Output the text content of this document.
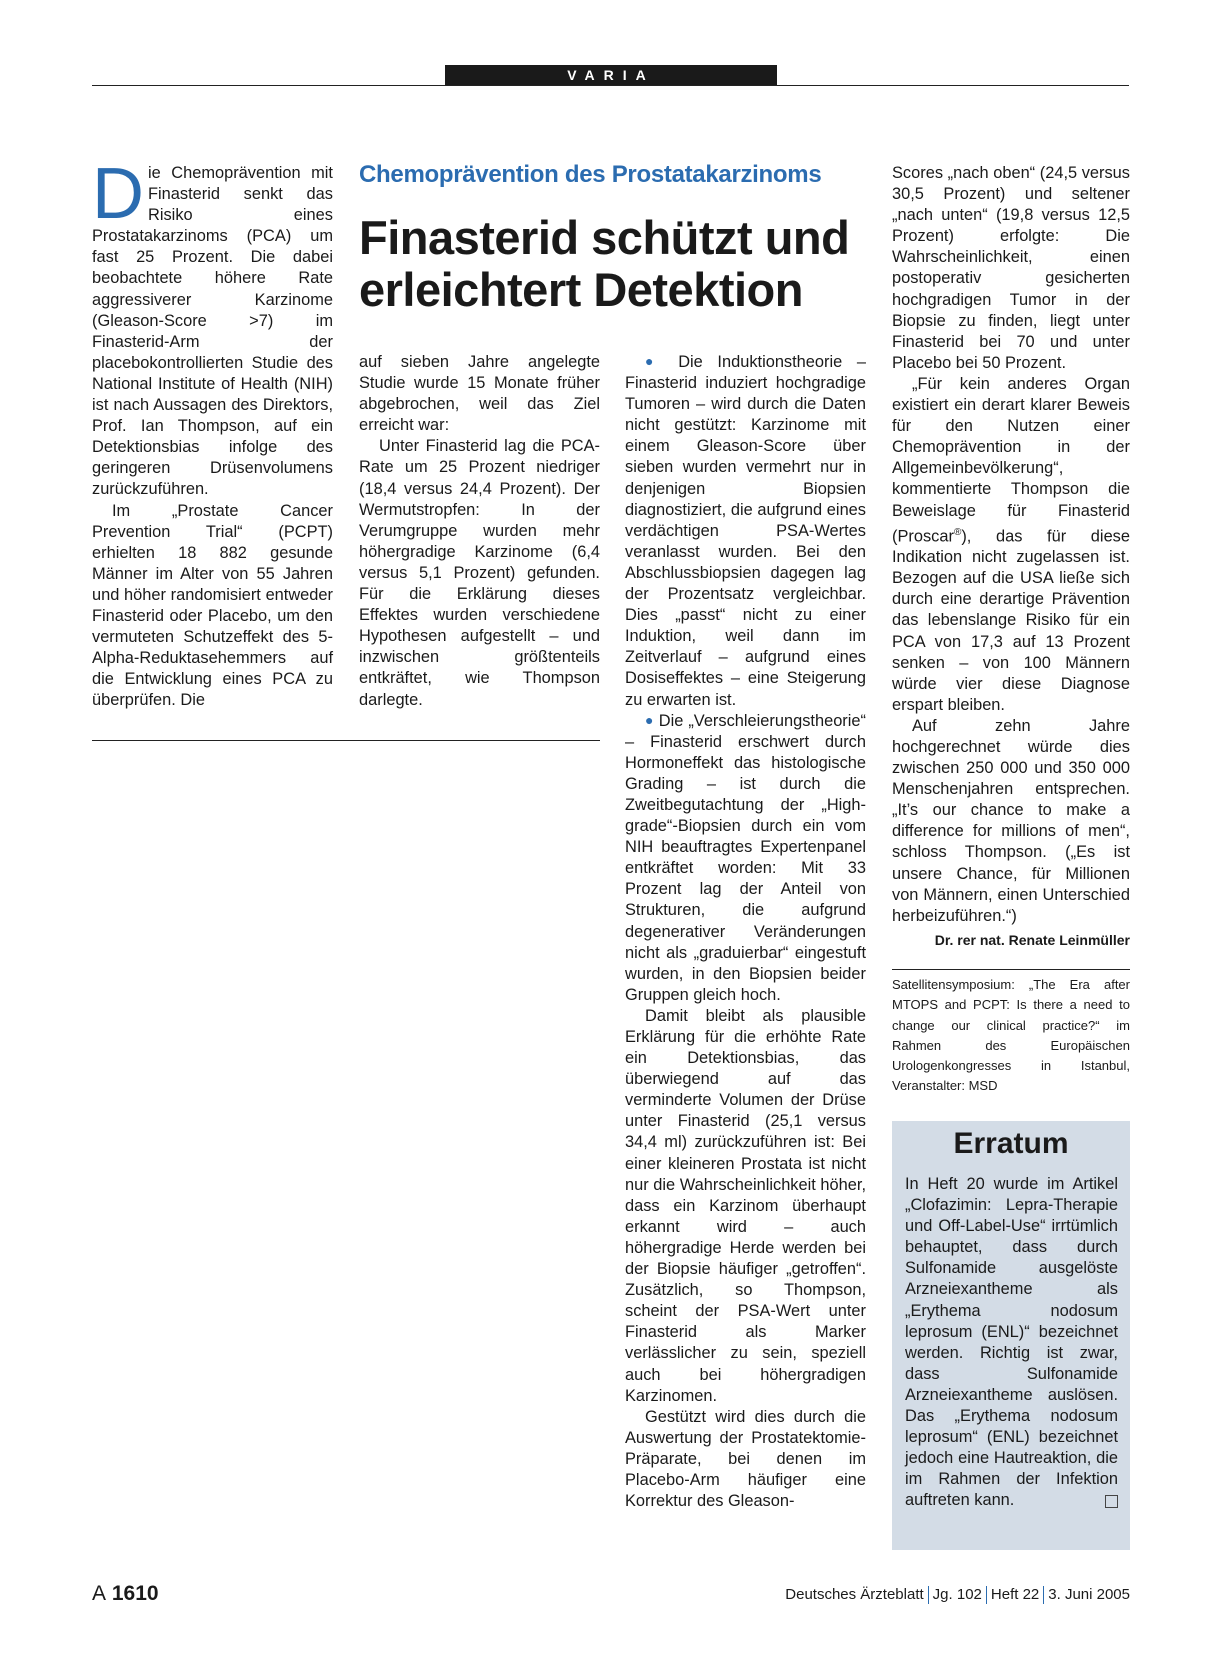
VARIA
Chemoprävention des Prostatakarzinoms
Finasterid schützt und
erleichtert Detektion

Die Chemoprävention mit Finasterid senkt das Risiko eines Prostatakarzinoms (PCA) um fast 25 Prozent. Die dabei beobachtete höhere Rate aggressiverer Karzinome (Gleason-Score >7) im Finasterid-Arm der placebokontrollierten Studie des National Institute of Health (NIH) ist nach Aussagen des Direktors, Prof. Ian Thompson, auf ein Detektionsbias infolge des geringeren Drüsenvolumens zurückzuführen.

Im „Prostate Cancer Prevention Trial“ (PCPT) erhielten 18 882 gesunde Männer im Alter von 55 Jahren und höher randomisiert entweder Finasterid oder Placebo, um den vermuteten Schutzeffekt des 5-Alpha-Reduktasehemmers auf die Entwicklung eines PCA zu überprüfen. Die

auf sieben Jahre angelegte Studie wurde 15 Monate früher abgebrochen, weil das Ziel erreicht war:

Unter Finasterid lag die PCA-Rate um 25 Prozent niedriger (18,4 versus 24,4 Prozent). Der Wermutstropfen: In der Verumgruppe wurden mehr höhergradige Karzinome (6,4 versus 5,1 Prozent) gefunden. Für die Erklärung dieses Effektes wurden verschiedene Hypothesen aufgestellt – und inzwischen größtenteils entkräftet, wie Thompson darlegte.

● Die Induktionstheorie – Finasterid induziert hochgradige Tumoren – wird durch die Daten nicht gestützt: Karzinome mit einem Gleason-Score über sieben wurden vermehrt nur in denjenigen Biopsien diagnostiziert, die aufgrund eines verdächtigen PSA-Wertes veranlasst wurden. Bei den Abschlussbiopsien dagegen lag der Prozentsatz vergleichbar. Dies „passt“ nicht zu einer Induktion, weil dann im Zeitverlauf – aufgrund eines Dosiseffektes – eine Steigerung zu erwarten ist.

● Die „Verschleierungstheorie“ – Finasterid erschwert durch Hormoneffekt das histologische Grading – ist durch die Zweitbegutachtung der „High-grade“-Biopsien durch ein vom NIH beauftragtes Expertenpanel entkräftet worden: Mit 33 Prozent lag der Anteil von Strukturen, die aufgrund degenerativer Veränderungen nicht als „graduierbar“ eingestuft wurden, in den Biopsien beider Gruppen gleich hoch.

Damit bleibt als plausible Erklärung für die erhöhte Rate ein Detektionsbias, das überwiegend auf das verminderte Volumen der Drüse unter Finasterid (25,1 versus 34,4 ml) zurückzuführen ist: Bei einer kleineren Prostata ist nicht nur die Wahrscheinlichkeit höher, dass ein Karzinom überhaupt erkannt wird – auch höhergradige Herde werden bei der Biopsie häufiger „getroffen“. Zusätzlich, so Thompson, scheint der PSA-Wert unter Finasterid als Marker verlässlicher zu sein, speziell auch bei höhergradigen Karzinomen.

Gestützt wird dies durch die Auswertung der Prostatektomie-Präparate, bei denen im Placebo-Arm häufiger eine Korrektur des Gleason-

Scores „nach oben“ (24,5 versus 30,5 Prozent) und seltener „nach unten“ (19,8 versus 12,5 Prozent) erfolgte: Die Wahrscheinlichkeit, einen postoperativ gesicherten hochgradigen Tumor in der Biopsie zu finden, liegt unter Finasterid bei 70 und unter Placebo bei 50 Prozent.

„Für kein anderes Organ existiert ein derart klarer Beweis für den Nutzen einer Chemoprävention in der Allgemeinbevölkerung“, kommentierte Thompson die Beweislage für Finasterid (Proscar®), das für diese Indikation nicht zugelassen ist. Bezogen auf die USA ließe sich durch eine derartige Prävention das lebenslange Risiko für ein PCA von 17,3 auf 13 Prozent senken – von 100 Männern würde vier diese Diagnose erspart bleiben.

Auf zehn Jahre hochgerechnet würde dies zwischen 250 000 und 350 000 Menschenjahren entsprechen. „It’s our chance to make a difference for millions of men“, schloss Thompson. („Es ist unsere Chance, für Millionen von Männern, einen Unterschied herbeizuführen.“)

Dr. rer nat. Renate Leinmüller
Satellitensymposium: „The Era after MTOPS and PCPT: Is there a need to change our clinical practice?“ im Rahmen des Europäischen Urologenkongresses in Istanbul, Veranstalter: MSD
Erratum
In Heft 20 wurde im Artikel „Clofazimin: Lepra-Therapie und Off-Label-Use“ irrtümlich behauptet, dass durch Sulfonamide ausgelöste Arzneiexantheme als „Erythema nodosum leprosum (ENL)“ bezeichnet werden. Richtig ist zwar, dass Sulfonamide Arzneiexantheme auslösen. Das „Erythema nodosum leprosum“ (ENL) bezeichnet jedoch eine Hautreaktion, die im Rahmen der Infektion auftreten kann.
A 1610	Deutsches Ärzteblatt Jg. 102 Heft 22 3. Juni 2005
